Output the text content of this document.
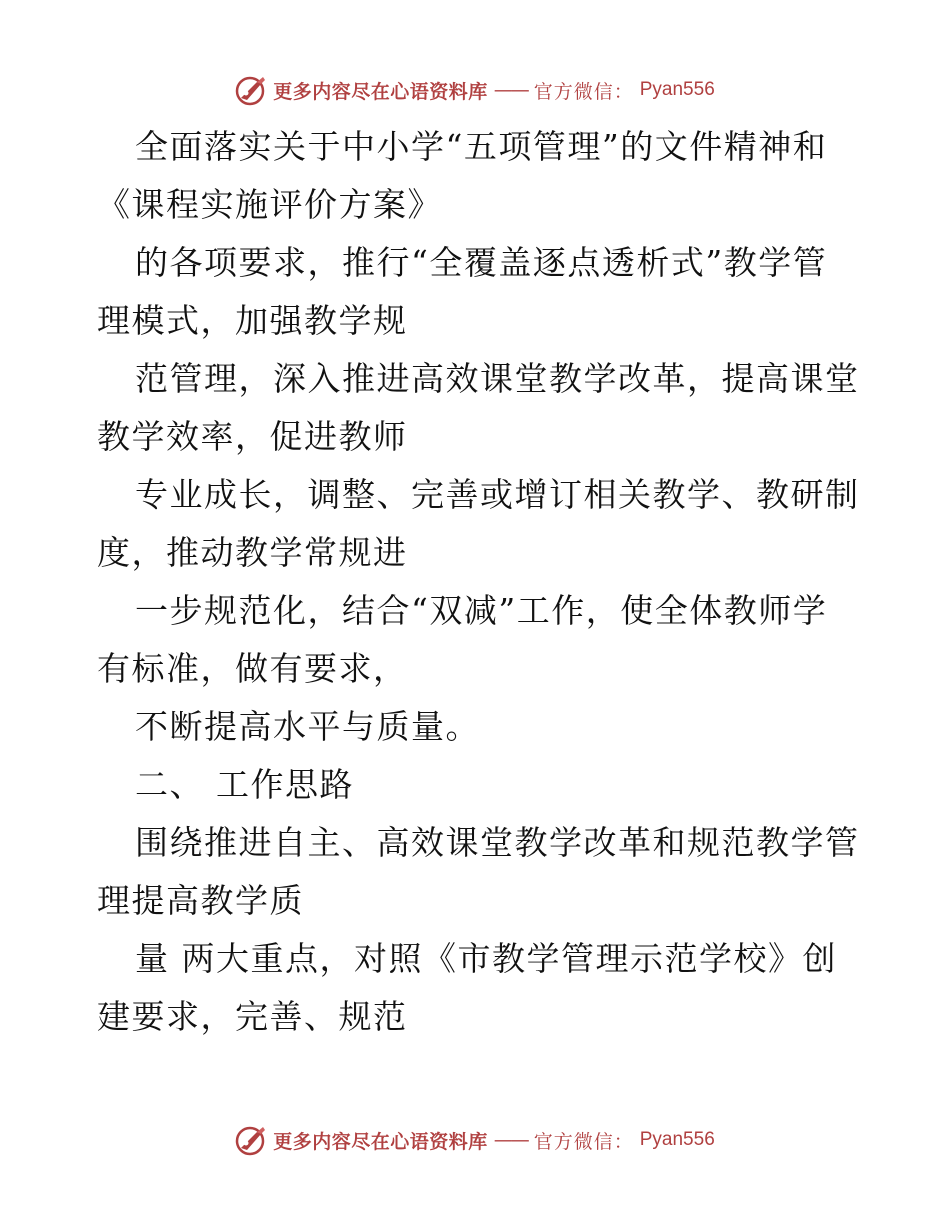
更多内容尽在心语资料库 —— 官方微信： Pyan556
全面落实关于中小学“五项管理”的文件精神和
《课程实施评价方案》
的各项要求，推行“全覆盖逐点透析式”教学管
理模式，加强教学规
范管理，深入推进高效课堂教学改革，提高课堂
教学效率，促进教师
专业成长，调整、完善或增订相关教学、教研制
度，推动教学常规进
一步规范化，结合“双减”工作，使全体教师学
有标准，做有要求，
不断提高水平与质量。
二、 工作思路
围绕推进自主、高效课堂教学改革和规范教学管
理提高教学质
量 两大重点，对照《市教学管理示范学校》创
建要求，完善、规范
更多内容尽在心语资料库 —— 官方微信： Pyan556
